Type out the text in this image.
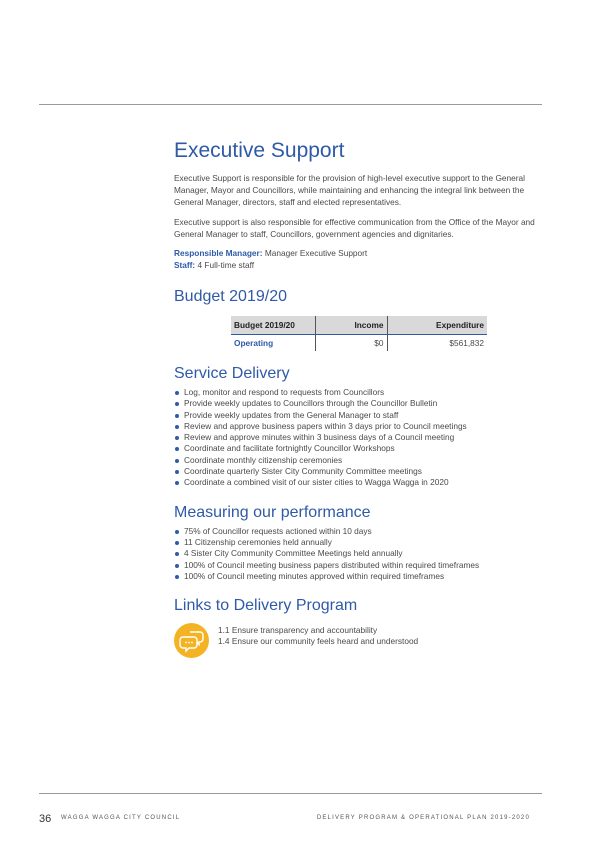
Executive Support

Executive Support is responsible for the provision of high-level executive support to the General Manager, Mayor and Councillors, while maintaining and enhancing the integral link between the General Manager, directors, staff and elected representatives.

Executive support is also responsible for effective communication from the Office of the Mayor and General Manager to staff, Councillors, government agencies and dignitaries.

Responsible Manager: Manager Executive Support
Staff: 4 Full-time staff
Budget 2019/20
Budget 2019/20	Income	Expenditure
Operating	$0	$561,832
Service Delivery
Log, monitor and respond to requests from Councillors
Provide weekly updates to Councillors through the Councillor Bulletin
Provide weekly updates from the General Manager to staff
Review and approve business papers within 3 days prior to Council meetings
Review and approve minutes within 3 business days of a Council meeting
Coordinate and facilitate fortnightly Councillor Workshops
Coordinate monthly citizenship ceremonies
Coordinate quarterly Sister City Community Committee meetings
Coordinate a combined visit of our sister cities to Wagga Wagga in 2020
Measuring our performance
75% of Councillor requests actioned within 10 days
11 Citizenship ceremonies held annually
4 Sister City Community Committee Meetings held annually
100% of Council meeting business papers distributed within required timeframes
100% of Council meeting minutes approved within required timeframes
Links to Delivery Program
1.1 Ensure transparency and accountability
1.4 Ensure our community feels heard and understood
36 WAGGA WAGGA CITY COUNCIL	DELIVERY PROGRAM & OPERATIONAL PLAN 2019-2020
